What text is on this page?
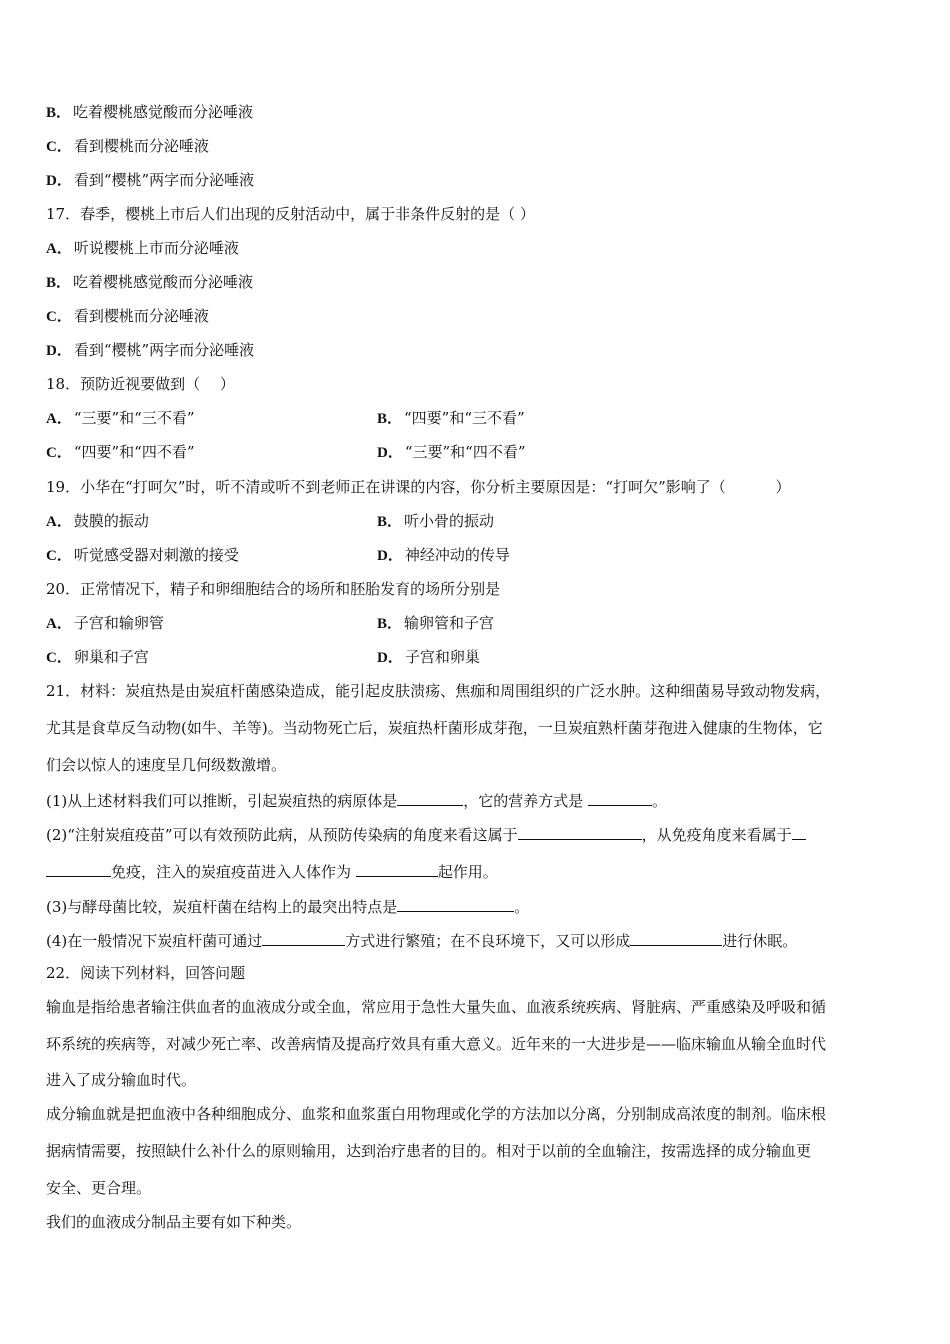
B． 吃着樱桃感觉酸而分泌唾液
C． 看到樱桃而分泌唾液
D． 看到“樱桃”两字而分泌唾液
17．春季，樱桃上市后人们出现的反射活动中，属于非条件反射的是（ ）
A． 听说樱桃上市而分泌唾液
B． 吃着樱桃感觉酸而分泌唾液
C． 看到樱桃而分泌唾液
D． 看到“樱桃”两字而分泌唾液
18．预防近视要做到（　 ）
A． “三要”和“三不看”	B． “四要”和“三不看”
C． “四要”和“四不看”	D． “三要”和“四不看”
19．小华在“打呵欠”时，听不清或听不到老师正在讲课的内容，你分析主要原因是：“打呵欠”影响了（　　　 ）
A． 鼓膜的振动	B． 听小骨的振动
C． 听觉感受器对刺激的接受	D． 神经冲动的传导
20．正常情况下，精子和卵细胞结合的场所和胚胎发育的场所分别是
A． 子宫和输卵管	B． 输卵管和子宫
C． 卵巢和子宫	D． 子宫和卵巢
21．材料：炭疽热是由炭疽杆菌感染造成，能引起皮肤溃疡、焦痂和周围组织的广泛水肿。这种细菌易导致动物发病，
尤其是食草反刍动物(如牛、羊等)。当动物死亡后，炭疽热杆菌形成芽孢，一旦炭疽熟杆菌芽孢进入健康的生物体，它
们会以惊人的速度呈几何级数激增。
(1)从上述材料我们可以推断，引起炭疽热的病原体是	，它的营养方式是	。
(2)“注射炭疽疫苗”可以有效预防此病，从预防传染病的角度来看这属于	，从免疫角度来看属于
免疫，注入的炭疽疫苗进入人体作为	起作用。
(3)与酵母菌比较，炭疽杆菌在结构上的最突出特点是	。
(4)在一般情况下炭疽杆菌可通过	方式进行繁殖；在不良环境下，又可以形成	进行休眠。
22．阅读下列材料，回答问题
输血是指给患者输注供血者的血液成分或全血，常应用于急性大量失血、血液系统疾病、肾脏病、严重感染及呼吸和循
环系统的疾病等，对减少死亡率、改善病情及提高疗效具有重大意义。近年来的一大进步是——临床输血从输全血时代
进入了成分输血时代。
成分输血就是把血液中各种细胞成分、血浆和血浆蛋白用物理或化学的方法加以分离，分别制成高浓度的制剂。临床根
据病情需要，按照缺什么补什么的原则输用，达到治疗患者的目的。相对于以前的全血输注，按需选择的成分输血更
安全、更合理。
我们的血液成分制品主要有如下种类。
